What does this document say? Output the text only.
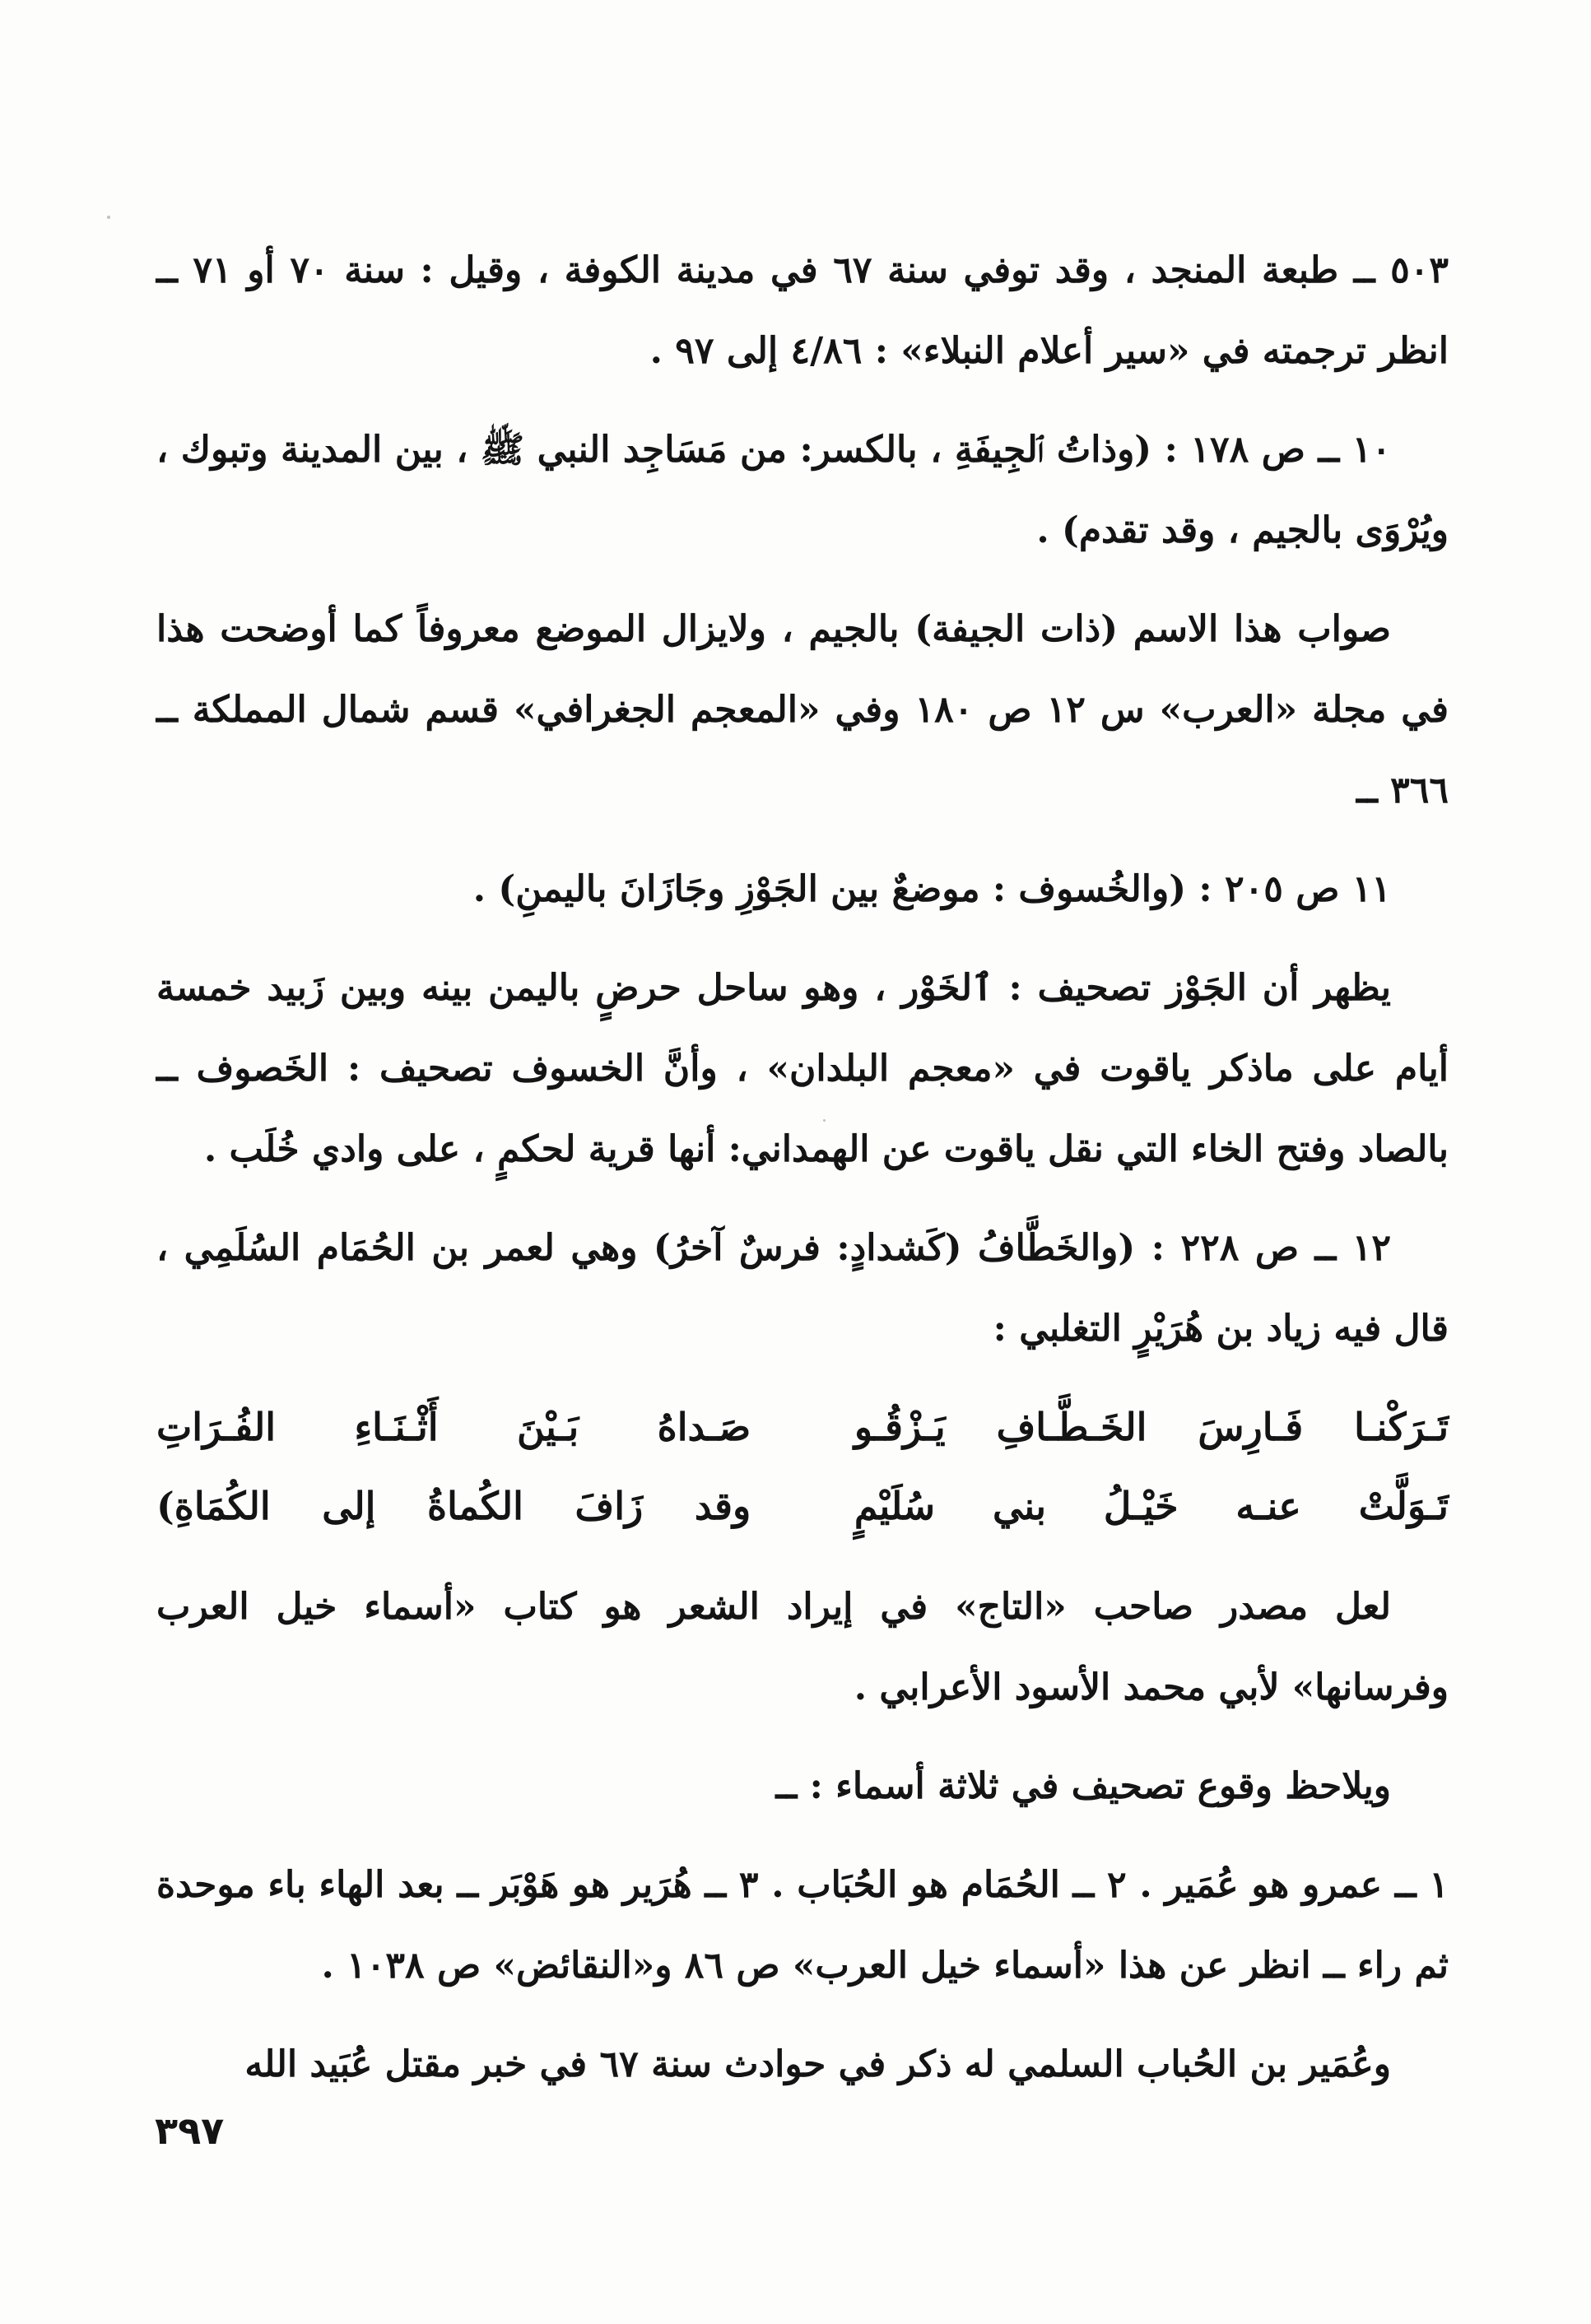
٥٠٣ ــ طبعة المنجد ، وقد توفي سنة ٦٧ في مدينة الكوفة ، وقيل : سنة ٧٠ أو ٧١ ــ انظر ترجمته في «سير أعلام النبلاء» : ٤/٨٦ إلى ٩٧ .

١٠ ــ ص ١٧٨ : (وذاتُ ٱلجِيفَةِ ، بالكسر: من مَسَاجِد النبي ﷺ ، بين المدينة وتبوك ، ويُرْوَى بالجيم ، وقد تقدم) .

صواب هذا الاسم (ذات الجيفة) بالجيم ، ولايزال الموضع معروفاً كما أوضحت هذا في مجلة «العرب» س ١٢ ص ١٨٠ وفي «المعجم الجغرافي» قسم شمال المملكة ــ ٣٦٦ ــ

١١ ص ٢٠٥ : (والخُسوف : موضعٌ بين الجَوْزِ وجَازَانَ باليمنِ) .

يظهر أن الجَوْز تصحيف : ٱلخَوْر ، وهو ساحل حرضٍ باليمن بينه وبين زَبيد خمسة أيام على ماذكر ياقوت في «معجم البلدان» ، وأنَّ الخسوف تصحيف : الخَصوف ــ بالصاد وفتح الخاء التي نقل ياقوت عن الهمداني: أنها قرية لحكمٍ ، على وادي خُلَب .

١٢ ــ ص ٢٢٨ : (والخَطَّافُ (كَشدادٍ: فرسٌ آخرُ) وهي لعمر بن الحُمَام السُلَمِي ، قال فيه زياد بن هُرَيْرٍ التغلبي :

تَـرَكْنـا فَـارِسَ الخَـطَّـافِ يَـزْقُـو
صَـداهُ بَـيْنَ أَثْـنَـاءِ الفُـرَاتِ
تَـوَلَّتْ عنـه خَيْـلُ بني سُلَيْمٍ
وقد زَافَ الكُماةُ إلى الكُمَاةِ)

لعل مصدر صاحب «التاج» في إيراد الشعر هو كتاب «أسماء خيل العرب وفرسانها» لأبي محمد الأسود الأعرابي .

ويلاحظ وقوع تصحيف في ثلاثة أسماء : ــ

١ ــ عمرو هو عُمَير . ٢ ــ الحُمَام هو الحُبَاب . ٣ ــ هُرَير هو هَوْبَر ــ بعد الهاء باء موحدة ثم راء ــ انظر عن هذا «أسماء خيل العرب» ص ٨٦ و«النقائض» ص ١٠٣٨ .

وعُمَير بن الحُباب السلمي له ذكر في حوادث سنة ٦٧ في خبر مقتل عُبَيد الله

٣٩٧
